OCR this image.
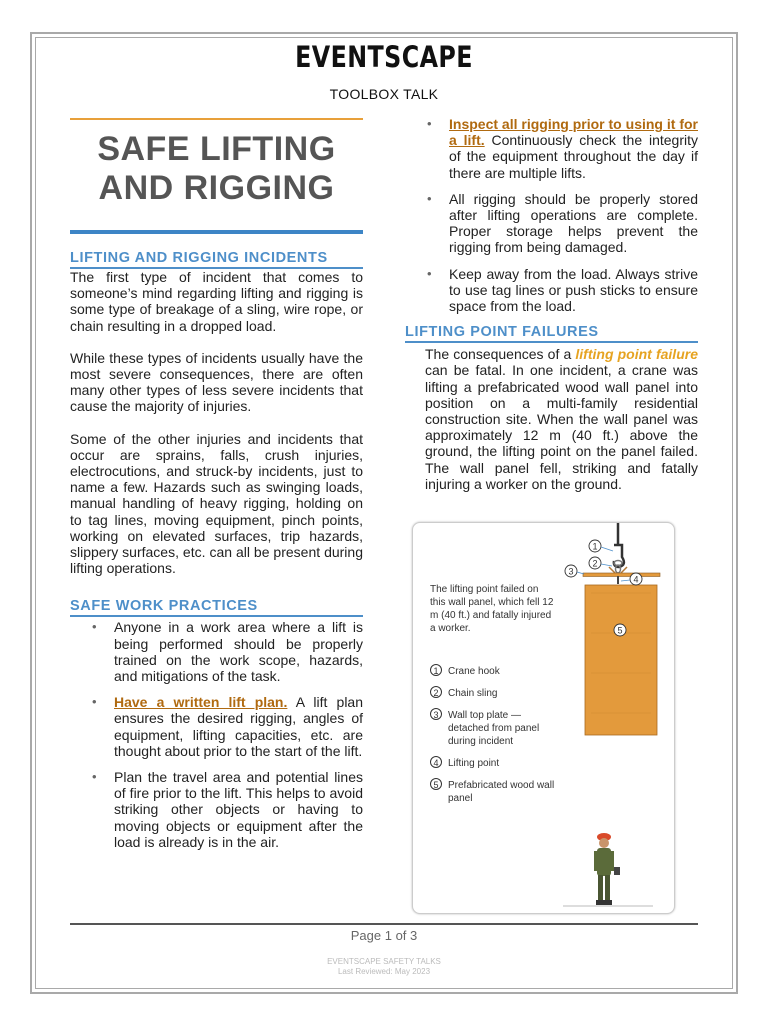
EVENTSCAPE
TOOLBOX TALK
SAFE LIFTING
AND RIGGING
LIFTING AND RIGGING INCIDENTS

The first type of incident that comes to someone’s mind regarding lifting and rigging is some type of breakage of a sling, wire rope, or chain resulting in a dropped load.

While these types of incidents usually have the most severe consequences, there are often many other types of less severe incidents that cause the majority of injuries.

Some of the other injuries and incidents that occur are sprains, falls, crush injuries, electrocutions, and struck-by incidents, just to name a few. Hazards such as swinging loads, manual handling of heavy rigging, holding on to tag lines, moving equipment, pinch points, working on elevated surfaces, trip hazards, slippery surfaces, etc. can all be present during lifting operations.

SAFE WORK PRACTICES
• Anyone in a work area where a lift is being performed should be properly trained on the work scope, hazards, and mitigations of the task.
• Have a written lift plan. A lift plan ensures the desired rigging, angles of equipment, lifting capacities, etc. are thought about prior to the start of the lift.
• Plan the travel area and potential lines of fire prior to the lift. This helps to avoid striking other objects or having to moving objects or equipment after the load is already is in the air.
• Inspect all rigging prior to using it for a lift. Continuously check the integrity of the equipment throughout the day if there are multiple lifts.
• All rigging should be properly stored after lifting operations are complete. Proper storage helps prevent the rigging from being damaged.
• Keep away from the load. Always strive to use tag lines or push sticks to ensure space from the load.
LIFTING POINT FAILURES

The consequences of a lifting point failure can be fatal. In one incident, a crane was lifting a prefabricated wood wall panel into position on a multi-family residential construction site. When the wall panel was approximately 12 m (40 ft.) above the ground, the lifting point on the panel failed. The wall panel fell, striking and fatally injuring a worker on the ground.

The lifting point failed on this wall panel, which fell 12 m (40 ft.) and fatally injured a worker.
1 Crane hook
2 Chain sling
3 Wall top plate — detached from panel during incident
4 Lifting point
5 Prefabricated wood wall panel
1
2
3
4
5
Page 1 of 3
EVENTSCAPE SAFETY TALKS
Last Reviewed: May 2023
